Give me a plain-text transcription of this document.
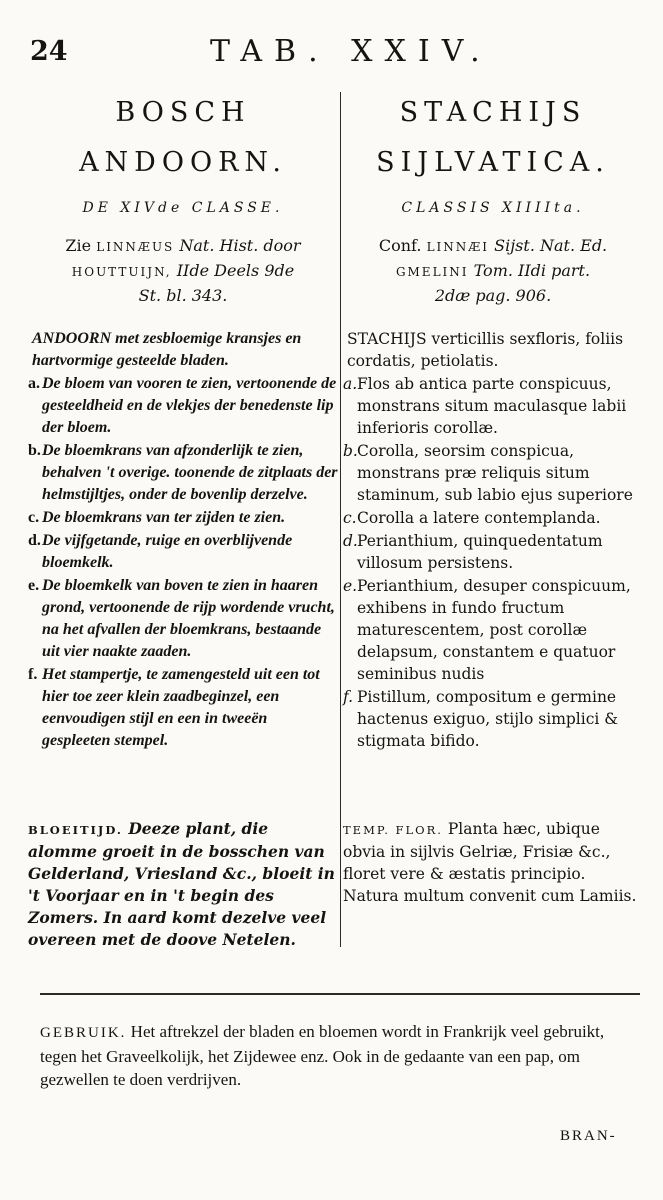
24	TAB. XXIV.
BOSCH
ANDOORN.
DE XIVde CLASSE.
Zie LINNÆUS Nat. Hist. door
HOUTTUIJN, IIde Deels 9de
St. bl. 343.
ANDOORN met zesbloemige kransjes en hartvormige gesteelde bladen.
a. De bloem van vooren te zien, vertoonende de gesteeldheid en de vlekjes der benedenste lip der bloem.
b. De bloemkrans van afzonderlijk te zien, behalven 't overige. toonende de zitplaats der helmstijltjes, onder de bovenlip derzelve.
c. De bloemkrans van ter zijden te zien.
d. De vijfgetande, ruige en overblijvende bloemkelk.
e. De bloemkelk van boven te zien in haaren grond, vertoonende de rijp wordende vrucht, na het afvallen der bloemkrans, bestaande uit vier naakte zaaden.
f. Het stampertje, te zamengesteld uit een tot hier toe zeer klein zaadbeginzel, een eenvoudigen stijl en een in tweeën gespleeten stempel.
BLOEITIJD. Deeze plant, die alomme groeit in de bosschen van Gelderland, Vriesland &c., bloeit in 't Voorjaar en in 't begin des Zomers. In aard komt dezelve veel overeen met de doove Netelen.
STACHIJS
SIJLVATICA.
CLASSIS XIIIIta.
Conf. LINNÆI Sijst. Nat. Ed.
GMELINI Tom. IIdi part.
2dæ pag. 906.
STACHIJS verticillis sexfloris, foliis cordatis, petiolatis.
a. Flos ab antica parte conspicuus, monstrans situm maculasque labii inferioris corollæ.
b. Corolla, seorsim conspicua, monstrans præ reliquis situm staminum, sub labio ejus superiore
c. Corolla a latere contemplanda.
d. Perianthium, quinquedentatum villosum persistens.
e. Perianthium, desuper conspicuum, exhibens in fundo fructum maturescentem, post corollæ delapsum, constantem e quatuor seminibus nudis
f. Pistillum, compositum e germine hactenus exiguo, stijlo simplici & stigmata bifido.
TEMP. FLOR. Planta hæc, ubique obvia in sijlvis Gelriæ, Frisiæ &c., floret vere & æstatis principio. Natura multum convenit cum Lamiis.
GEBRUIK. Het aftrekzel der bladen en bloemen wordt in Frankrijk veel gebruikt, tegen het Graveelkolijk, het Zijdewee enz. Ook in de gedaante van een pap, om gezwellen te doen verdrijven.
BRAN-
